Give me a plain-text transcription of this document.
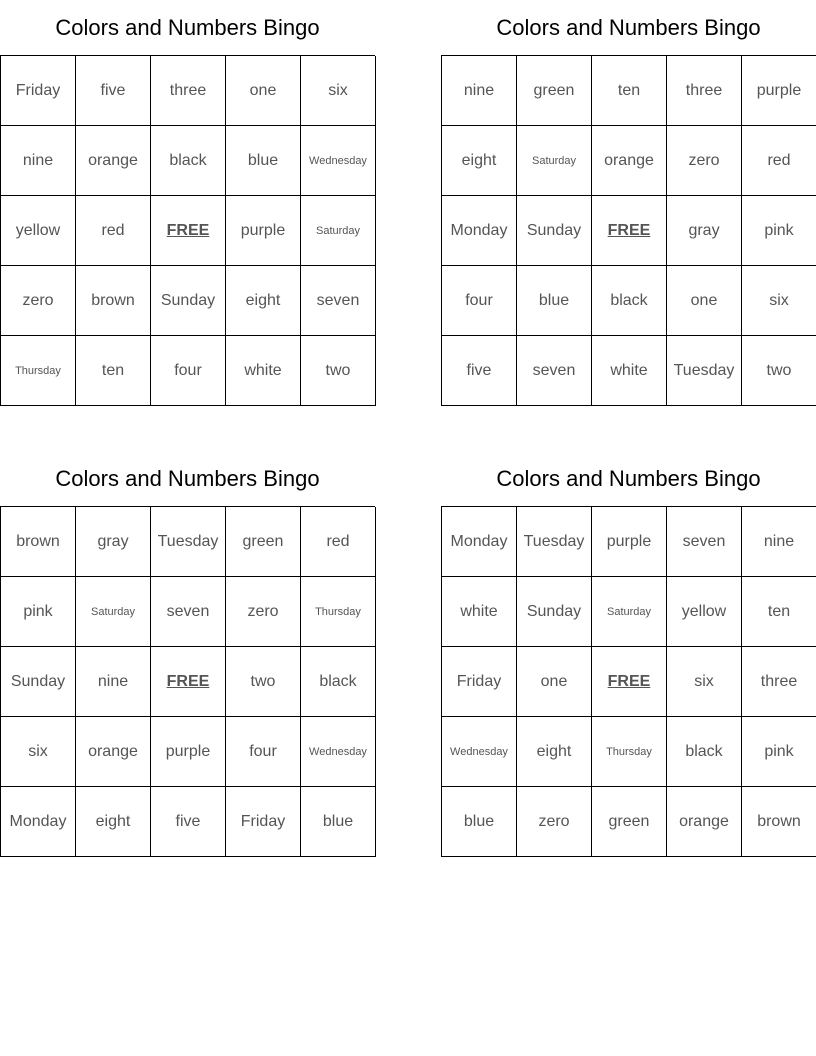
Colors and Numbers Bingo
Friday	five	three	one	six
nine	orange	black	blue	Wednesday
yellow	red	FREE	purple	Saturday
zero	brown	Sunday	eight	seven
Thursday	ten	four	white	two
Colors and Numbers Bingo
nine	green	ten	three	purple
eight	Saturday	orange	zero	red
Monday	Sunday	FREE	gray	pink
four	blue	black	one	six
five	seven	white	Tuesday	two
Colors and Numbers Bingo
brown	gray	Tuesday	green	red
pink	Saturday	seven	zero	Thursday
Sunday	nine	FREE	two	black
six	orange	purple	four	Wednesday
Monday	eight	five	Friday	blue
Colors and Numbers Bingo
Monday	Tuesday	purple	seven	nine
white	Sunday	Saturday	yellow	ten
Friday	one	FREE	six	three
Wednesday	eight	Thursday	black	pink
blue	zero	green	orange	brown
